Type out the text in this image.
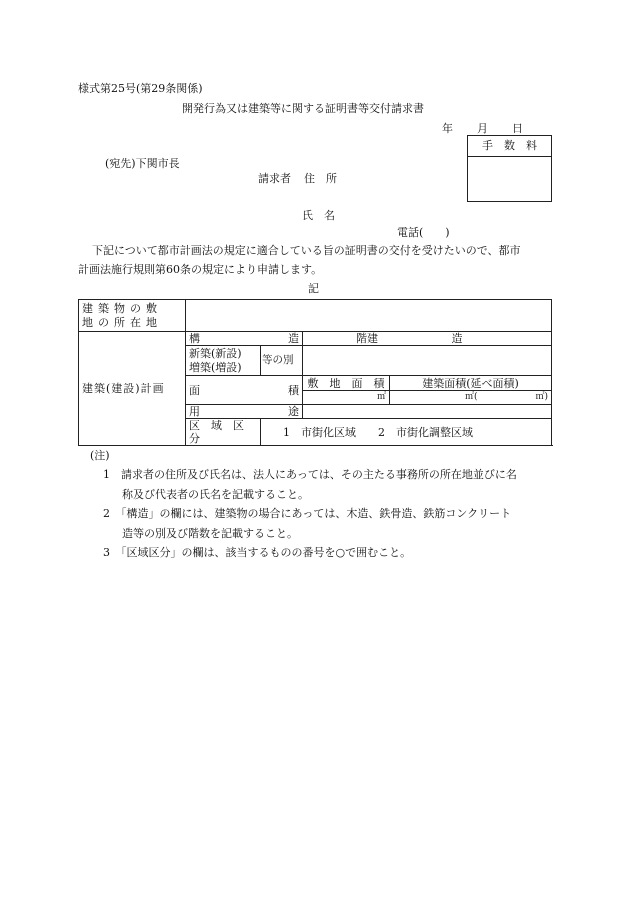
様式第25号(第29条関係)
開発行為又は建築等に関する証明書等交付請求書
年 月 日
手　数　料
(宛先)下関市長
請求者 住　所
氏　名
電話(　　)
下記について都市計画法の規定に適合している旨の証明書の交付を受けたいので、都市
計画法施行規則第60条の規定により申請します。
記
建築物の敷
地の所在地				

建築(建設)計画	構 造		階建 造	

	新築(新設)
増築(増設)	等の別		

	面 積		敷　地　面　積	建築面積(延べ面積)
			㎡	㎡( ㎡)

	用 途			

	区　域　区　分	1　市街化区域　　2　市街化調整区域		
(注)
1　請求者の住所及び氏名は、法人にあっては、その主たる事務所の所在地並びに名
称及び代表者の氏名を記載すること。
2　「構造」の欄には、建築物の場合にあっては、木造、鉄骨造、鉄筋コンクリート
造等の別及び階数を記載すること。
3　「区域区分」の欄は、該当するものの番号を○で囲むこと。
